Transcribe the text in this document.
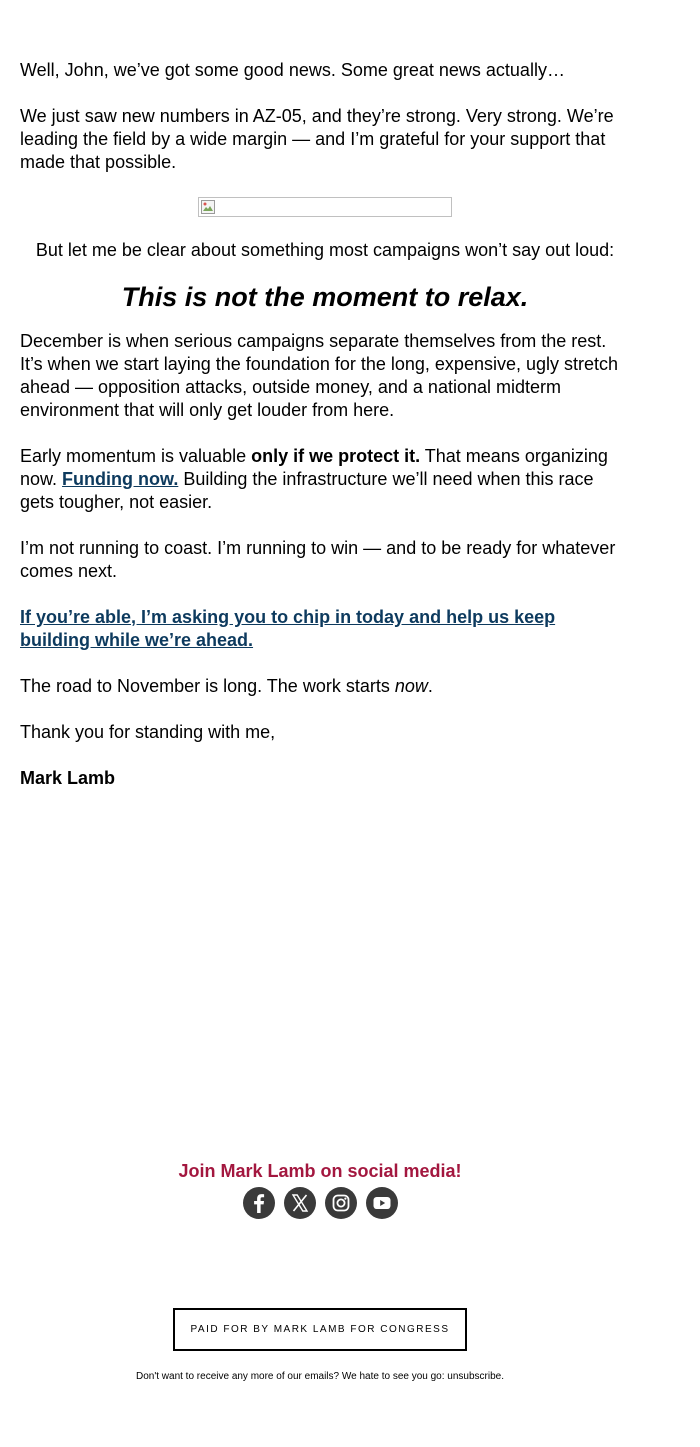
Well, John, we’ve got some good news. Some great news actually…

We just saw new numbers in AZ-05, and they’re strong. Very strong. We’re leading the field by a wide margin — and I’m grateful for your support that made that possible.

But let me be clear about something most campaigns won’t say out loud:

This is not the moment to relax.

December is when serious campaigns separate themselves from the rest. It’s when we start laying the foundation for the long, expensive, ugly stretch ahead — opposition attacks, outside money, and a national midterm environment that will only get louder from here.

Early momentum is valuable only if we protect it. That means organizing now. Funding now. Building the infrastructure we’ll need when this race gets tougher, not easier.

I’m not running to coast. I’m running to win — and to be ready for whatever comes next.

If you’re able, I’m asking you to chip in today and help us keep building while we’re ahead.

The road to November is long. The work starts now.

Thank you for standing with me,

Mark Lamb

Join Mark Lamb on social media!
PAID FOR BY MARK LAMB FOR CONGRESS
Don't want to receive any more of our emails? We hate to see you go: unsubscribe.
